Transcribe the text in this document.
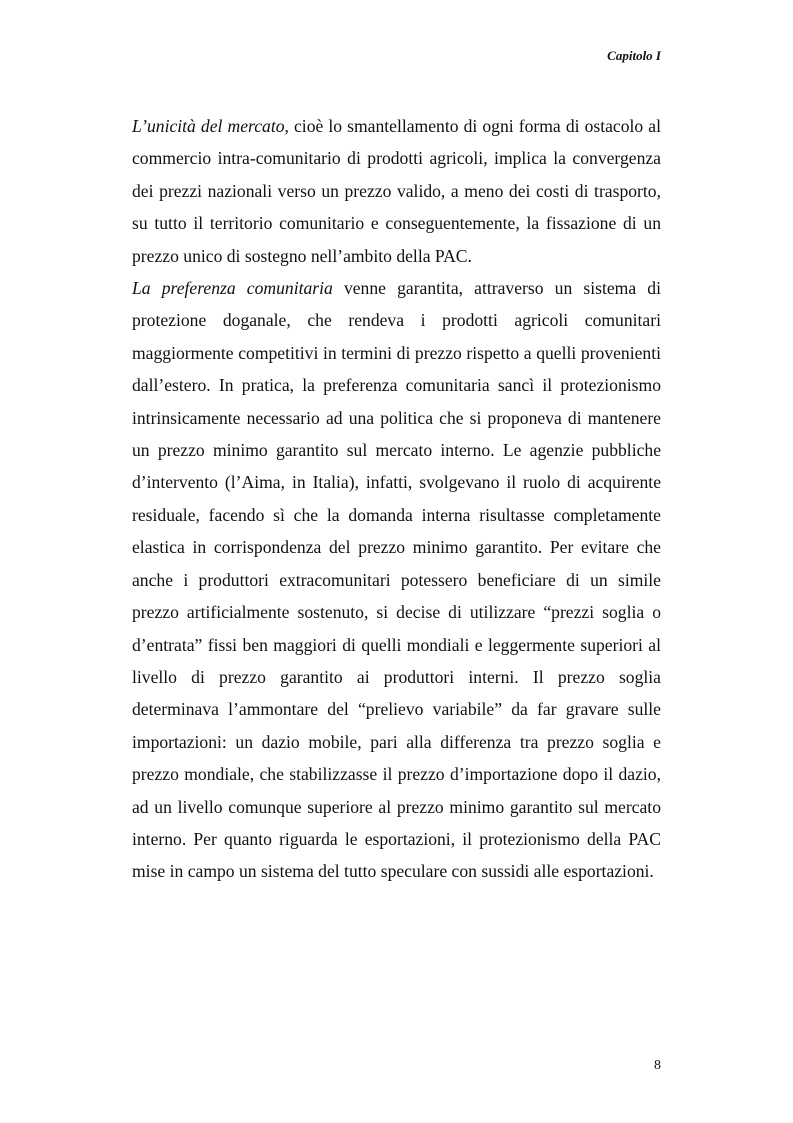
Capitolo I

L’unicità del mercato, cioè lo smantellamento di ogni forma di ostacolo al commercio intra-comunitario di prodotti agricoli, implica la convergenza dei prezzi nazionali verso un prezzo valido, a meno dei costi di trasporto, su tutto il territorio comunitario e conseguentemente, la fissazione di un prezzo unico di sostegno nell’ambito della PAC.

La preferenza comunitaria venne garantita, attraverso un sistema di protezione doganale, che rendeva i prodotti agricoli comunitari maggiormente competitivi in termini di prezzo rispetto a quelli provenienti dall’estero. In pratica, la preferenza comunitaria sancì il protezionismo intrinsicamente necessario ad una politica che si proponeva di mantenere un prezzo minimo garantito sul mercato interno. Le agenzie pubbliche d’intervento (l’Aima, in Italia), infatti, svolgevano il ruolo di acquirente residuale, facendo sì che la domanda interna risultasse completamente elastica in corrispondenza del prezzo minimo garantito. Per evitare che anche i produttori extracomunitari potessero beneficiare di un simile prezzo artificialmente sostenuto, si decise di utilizzare “prezzi soglia o d’entrata” fissi ben maggiori di quelli mondiali e leggermente superiori al livello di prezzo garantito ai produttori interni. Il prezzo soglia determinava l’ammontare del “prelievo variabile” da far gravare sulle importazioni: un dazio mobile, pari alla differenza tra prezzo soglia e prezzo mondiale, che stabilizzasse il prezzo d’importazione dopo il dazio, ad un livello comunque superiore al prezzo minimo garantito sul mercato interno. Per quanto riguarda le esportazioni, il protezionismo della PAC mise in campo un sistema del tutto speculare con sussidi alle esportazioni.

8
